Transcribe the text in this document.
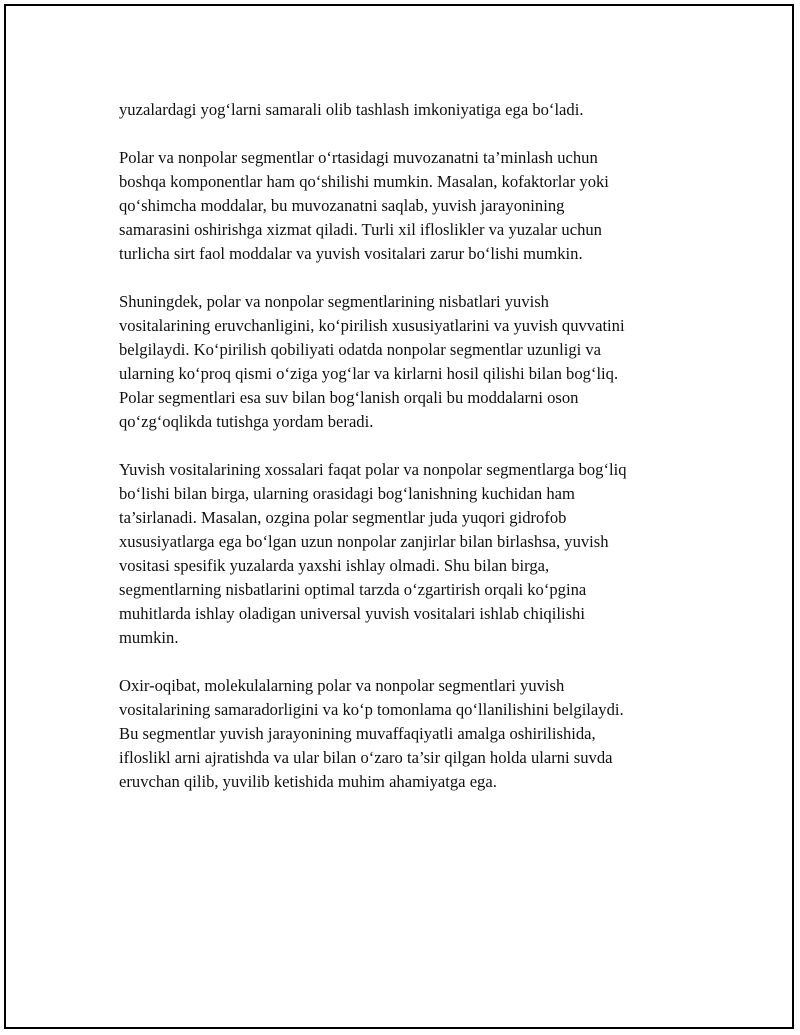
yuzalardagi yog‘larni samarali olib tashlash imkoniyatiga ega bo‘ladi.

Polar va nonpolar segmentlar o‘rtasidagi muvozanatni ta’minlash uchun
boshqa komponentlar ham qo‘shilishi mumkin. Masalan, kofaktorlar yoki
qo‘shimcha moddalar, bu muvozanatni saqlab, yuvish jarayonining
samarasini oshirishga xizmat qiladi. Turli xil ifloslikler va yuzalar uchun
turlicha sirt faol moddalar va yuvish vositalari zarur bo‘lishi mumkin.

Shuningdek, polar va nonpolar segmentlarining nisbatlari yuvish
vositalarining eruvchanligini, ko‘pirilish xususiyatlarini va yuvish quvvatini
belgilaydi. Ko‘pirilish qobiliyati odatda nonpolar segmentlar uzunligi va
ularning ko‘proq qismi o‘ziga yog‘lar va kirlarni hosil qilishi bilan bog‘liq.
Polar segmentlari esa suv bilan bog‘lanish orqali bu moddalarni oson
qo‘zg‘oqlikda tutishga yordam beradi.

Yuvish vositalarining xossalari faqat polar va nonpolar segmentlarga bog‘liq
bo‘lishi bilan birga, ularning orasidagi bog‘lanishning kuchidan ham
ta’sirlanadi. Masalan, ozgina polar segmentlar juda yuqori gidrofob
xususiyatlarga ega bo‘lgan uzun nonpolar zanjirlar bilan birlashsa, yuvish
vositasi spesifik yuzalarda yaxshi ishlay olmadi. Shu bilan birga,
segmentlarning nisbatlarini optimal tarzda o‘zgartirish orqali ko‘pgina
muhitlarda ishlay oladigan universal yuvish vositalari ishlab chiqilishi
mumkin.

Oxir-oqibat, molekulalarning polar va nonpolar segmentlari yuvish
vositalarining samaradorligini va ko‘p tomonlama qo‘llanilishini belgilaydi.
Bu segmentlar yuvish jarayonining muvaffaqiyatli amalga oshirilishida,
ifloslikl arni ajratishda va ular bilan o‘zaro ta’sir qilgan holda ularni suvda
eruvchan qilib, yuvilib ketishida muhim ahamiyatga ega.
